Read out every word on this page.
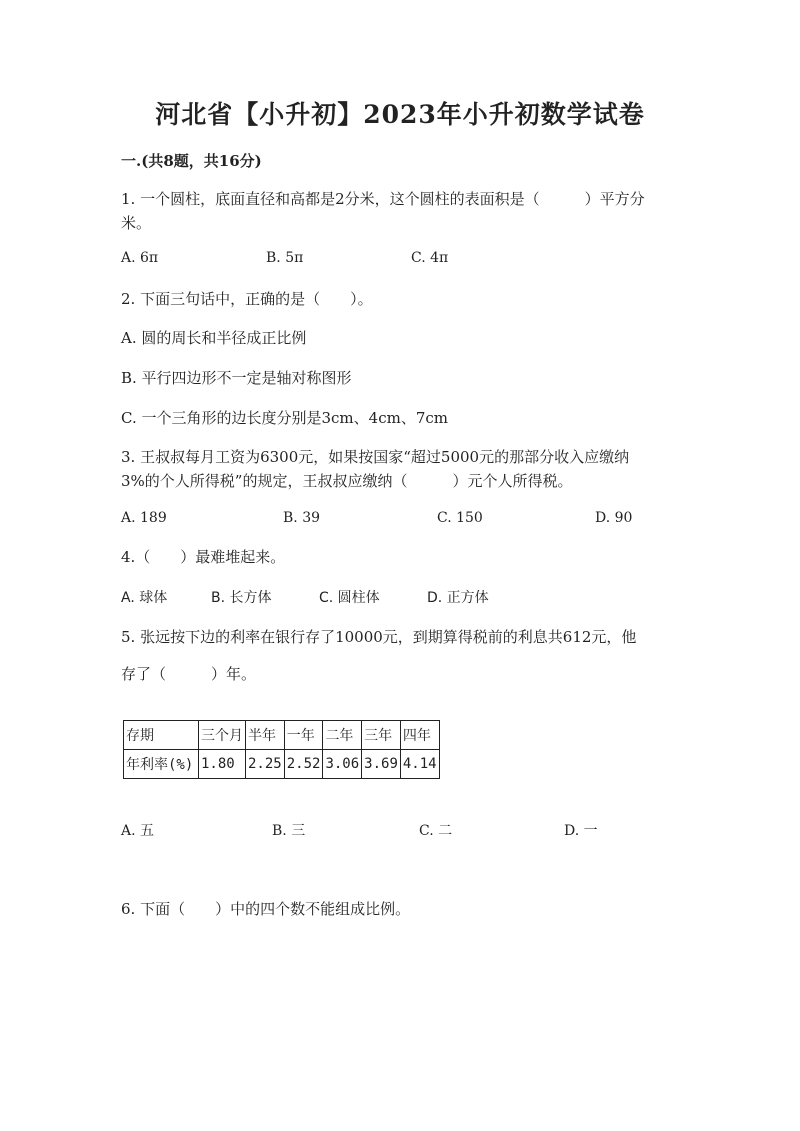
河北省【小升初】2023年小升初数学试卷
一.(共8题，共16分)
1. 一个圆柱，底面直径和高都是2分米，这个圆柱的表面积是（　　　）平方分
米。
A. 6π	B. 5π	C. 4π
2. 下面三句话中，正确的是（　　）。
A. 圆的周长和半径成正比例
B. 平行四边形不一定是轴对称图形
C. 一个三角形的边长度分别是3cm、4cm、7cm
3. 王叔叔每月工资为6300元，如果按国家“超过5000元的那部分收入应缴纳
3%的个人所得税”的规定，王叔叔应缴纳（　　　）元个人所得税。
A. 189	B. 39	C. 150	D. 90
4.（　　）最难堆起来。
A. 球体	B. 长方体	C. 圆柱体	D. 正方体
5. 张远按下边的利率在银行存了10000元，到期算得税前的利息共612元，他
存了（　　　）年。
存期	三个月	半年	一年	二年	三年	四年
年利率(%)	1.80	2.25	2.52	3.06	3.69	4.14
A. 五	B. 三	C. 二	D. 一
6. 下面（　　）中的四个数不能组成比例。
